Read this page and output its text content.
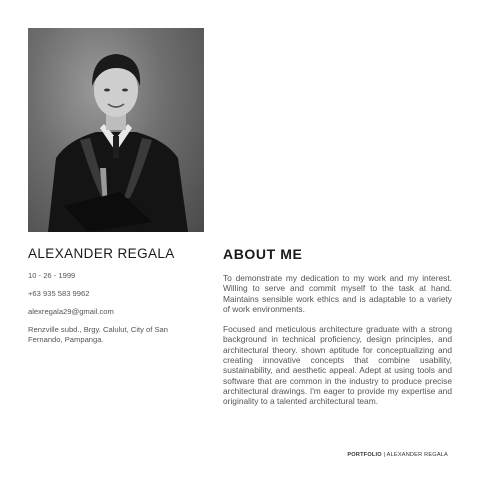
ALEXANDER REGALA

10 - 26 - 1999

+63 935 583 9962

alexregala29@gmail.com

Renzville subd., Brgy. Calulut, City of San Fernando, Pampanga.

ABOUT ME

To demonstrate my dedication to my work and my interest. Willing to serve and commit myself to the task at hand. Maintains sensible work ethics and is adaptable to a variety of work environments.

Focused and meticulous architecture graduate with a strong background in technical proficiency, design principles, and architectural theory. shown aptitude for conceptualizing and creating innovative concepts that combine usability, sustainability, and aesthetic appeal. Adept at using tools and software that are common in the industry to produce precise architectural drawings. I'm eager to provide my expertise and originality to a talented architectural team.

PORTFOLIO | ALEXANDER REGALA
